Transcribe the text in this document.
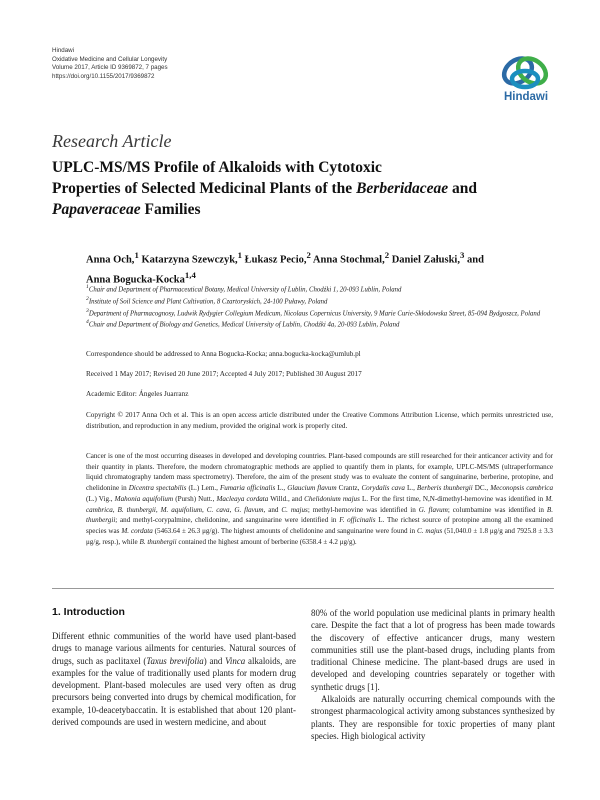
Hindawi
Oxidative Medicine and Cellular Longevity
Volume 2017, Article ID 9369872, 7 pages
https://doi.org/10.1155/2017/9369872
Hindawi
Research Article
UPLC-MS/MS Profile of Alkaloids with Cytotoxic
Properties of Selected Medicinal Plants of the Berberidaceae and
Papaveraceae Families
Anna Och,$^1$ Katarzyna Szewczyk,$^1$ Łukasz Pecio,$^2$ Anna Stochmal,$^2$ Daniel Załuski,$^3$ and
Anna Bogucka-Kocka$^{1,4}$

$^1$Chair and Department of Pharmaceutical Botany, Medical University of Lublin, Chodźki 1, 20-093 Lublin, Poland

$^2$Institute of Soil Science and Plant Cultivation, 8 Czartoryskich, 24-100 Puławy, Poland

$^3$Department of Pharmacognosy, Ludwik Rydygier Collegium Medicum, Nicolaus Copernicus University, 9 Marie Curie-Skłodowska Street, 85-094 Bydgoszcz, Poland

$^4$Chair and Department of Biology and Genetics, Medical University of Lublin, Chodźki 4a, 20-093 Lublin, Poland

Correspondence should be addressed to Anna Bogucka-Kocka; anna.bogucka-kocka@umlub.pl
Received 1 May 2017; Revised 20 June 2017; Accepted 4 July 2017; Published 30 August 2017
Academic Editor: Ángeles Juarranz
Copyright © 2017 Anna Och et al. This is an open access article distributed under the Creative Commons Attribution License, which permits unrestricted use, distribution, and reproduction in any medium, provided the original work is properly cited.
Cancer is one of the most occurring diseases in developed and developing countries. Plant-based compounds are still researched for their anticancer activity and for their quantity in plants. Therefore, the modern chromatographic methods are applied to quantify them in plants, for example, UPLC-MS/MS (ultraperformance liquid chromatography tandem mass spectrometry). Therefore, the aim of the present study was to evaluate the content of sanguinarine, berberine, protopine, and chelidonine in Dicentra spectabilis (L.) Lem., Fumaria officinalis L., Glaucium flavum Crantz, Corydalis cava L., Berberis thunbergii DC., Meconopsis cambrica (L.) Vig., Mahonia aquifolium (Pursh) Nutt., Macleaya cordata Willd., and Chelidonium majus L. For the first time, N,N-dimethyl-hernovine was identified in M. cambrica, B. thunbergii, M. aquifolium, C. cava, G. flavum, and C. majus; methyl-hernovine was identified in G. flavum; columbamine was identified in B. thunbergii; and methyl-corypalmine, chelidonine, and sanguinarine were identified in F. officinalis L. The richest source of protopine among all the examined species was M. cordata (5463.64 ± 26.3 μg/g). The highest amounts of chelidonine and sanguinarine were found in C. majus (51,040.0 ± 1.8 μg/g and 7925.8 ± 3.3 μg/g, resp.), while B. thunbergii contained the highest amount of berberine (6358.4 ± 4.2 μg/g).
1. Introduction

Different ethnic communities of the world have used plant-based drugs to manage various ailments for centuries. Natural sources of drugs, such as paclitaxel (Taxus brevifolia) and Vinca alkaloids, are examples for the value of traditionally used plants for modern drug development. Plant-based molecules are used very often as drug precursors being converted into drugs by chemical modification, for example, 10-deacetybaccatin. It is established that about 120 plant-derived compounds are used in western medicine, and about

80% of the world population use medicinal plants in primary health care. Despite the fact that a lot of progress has been made towards the discovery of effective anticancer drugs, many western communities still use the plant-based drugs, including plants from traditional Chinese medicine. The plant-based drugs are used in developed and developing countries separately or together with synthetic drugs [1].

Alkaloids are naturally occurring chemical compounds with the strongest pharmacological activity among substances synthesized by plants. They are responsible for toxic properties of many plant species. High biological activity
